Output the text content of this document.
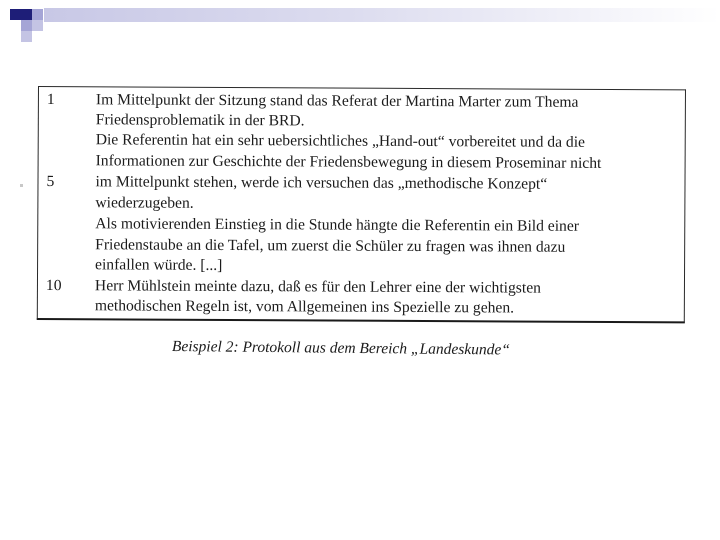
1	Im Mittelpunkt der Sitzung stand das Referat der Martina Marter zum Thema
Friedensproblematik in der BRD.
Die Referentin hat ein sehr uebersichtliches „Hand-out“ vorbereitet und da die
Informationen zur Geschichte der Friedensbewegung in diesem Proseminar nicht
5	im Mittelpunkt stehen, werde ich versuchen das „methodische Konzept“
wiederzugeben.
Als motivierenden Einstieg in die Stunde hängte die Referentin ein Bild einer
Friedenstaube an die Tafel, um zuerst die Schüler zu fragen was ihnen dazu
einfallen würde. [...]
10 Herr Mühlstein meinte dazu, daß es für den Lehrer eine der wichtigsten
methodischen Regeln ist, vom Allgemeinen ins Spezielle zu gehen.
Beispiel 2: Protokoll aus dem Bereich „Landeskunde“
